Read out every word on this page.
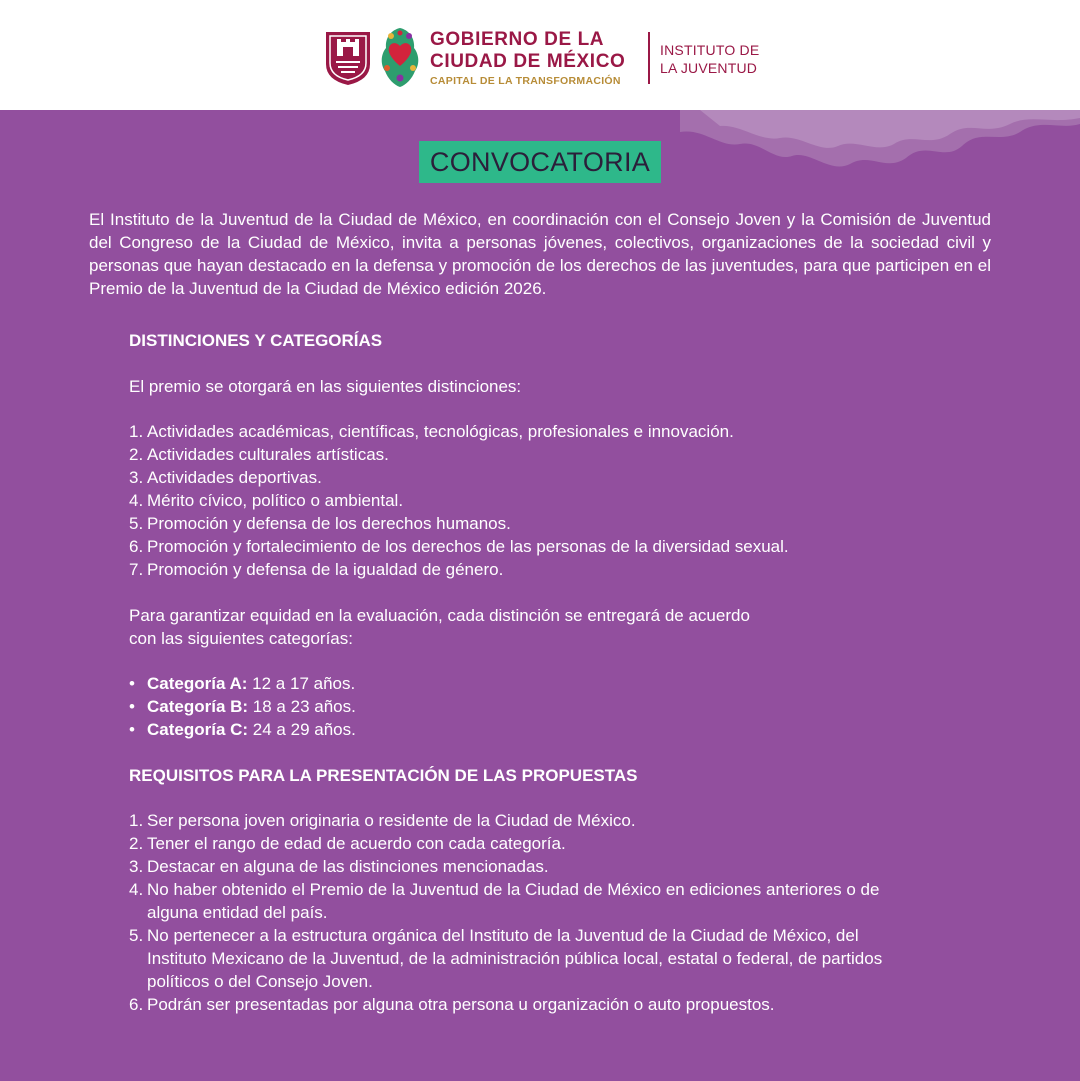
GOBIERNO DE LA
CIUDAD DE MÉXICO
CAPITAL DE LA TRANSFORMACIÓN
INSTITUTO DE
LA JUVENTUD
CONVOCATORIA

El Instituto de la Juventud de la Ciudad de México, en coordinación con el Consejo Joven y la Comisión de Juventud del Congreso de la Ciudad de México, invita a personas jóvenes, colectivos, organizaciones de la sociedad civil y personas que hayan destacado en la defensa y promoción de los derechos de las juventudes, para que participen en el Premio de la Juventud de la Ciudad de México edición 2026.

DISTINCIONES Y CATEGORÍAS

El premio se otorgará en las siguientes distinciones:

1. Actividades académicas, científicas, tecnológicas, profesionales e innovación.
2. Actividades culturales artísticas.
3. Actividades deportivas.
4. Mérito cívico, político o ambiental.
5. Promoción y defensa de los derechos humanos.
6. Promoción y fortalecimiento de los derechos de las personas de la diversidad sexual.
7. Promoción y defensa de la igualdad de género.

Para garantizar equidad en la evaluación, cada distinción se entregará de acuerdo

con las siguientes categorías:

• Categoría A: 12 a 17 años.
• Categoría B: 18 a 23 años.
• Categoría C: 24 a 29 años.

REQUISITOS PARA LA PRESENTACIÓN DE LAS PROPUESTAS

1. Ser persona joven originaria o residente de la Ciudad de México.
2. Tener el rango de edad de acuerdo con cada categoría.
3. Destacar en alguna de las distinciones mencionadas.
4. No haber obtenido el Premio de la Juventud de la Ciudad de México en ediciones anteriores o de alguna entidad del país.
5. No pertenecer a la estructura orgánica del Instituto de la Juventud de la Ciudad de México, del Instituto Mexicano de la Juventud, de la administración pública local, estatal o federal, de partidos políticos o del Consejo Joven.
6. Podrán ser presentadas por alguna otra persona u organización o auto propuestos.
